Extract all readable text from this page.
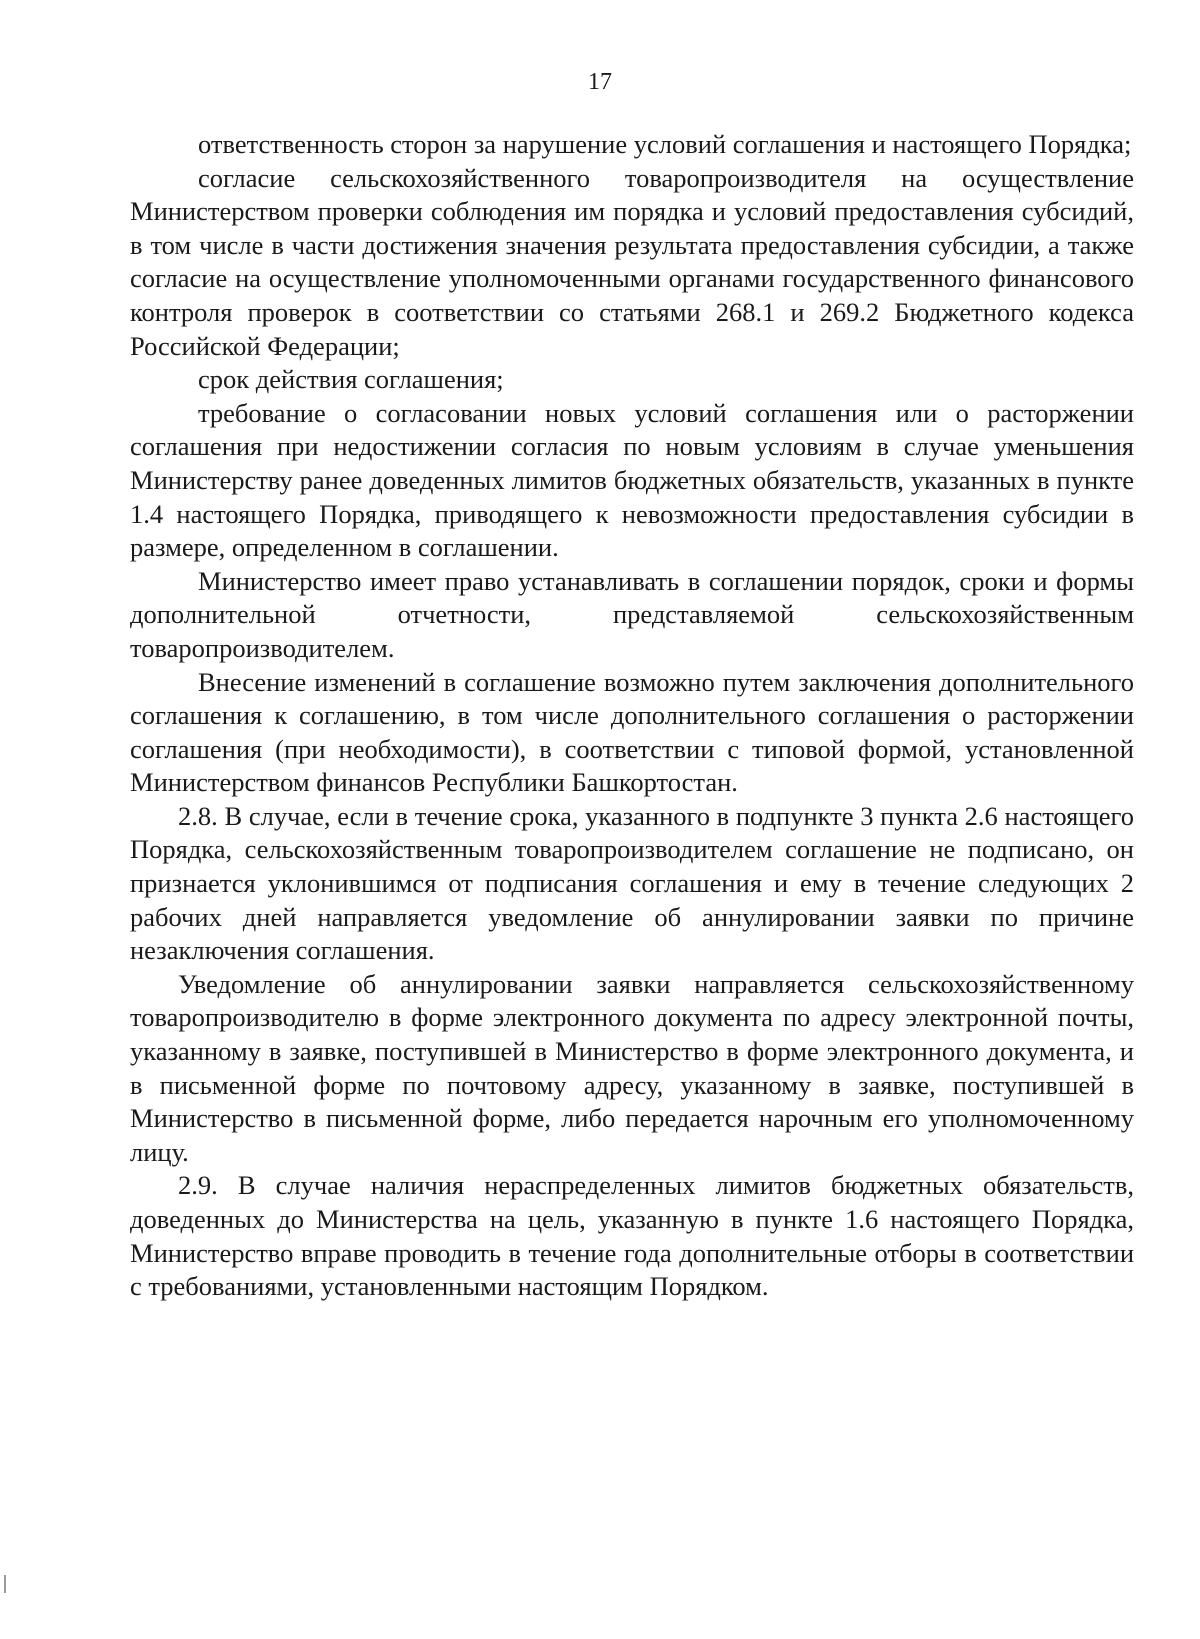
17

ответственность сторон за нарушение условий соглашения и настоящего Порядка;

согласие сельскохозяйственного товаропроизводителя на осуществление Министерством проверки соблюдения им порядка и условий предоставления субсидий, в том числе в части достижения значения результата предоставления субсидии, а также согласие на осуществление уполномоченными органами государственного финансового контроля проверок в соответствии со статьями 268.1 и 269.2 Бюджетного кодекса Российской Федерации;

срок действия соглашения;

требование о согласовании новых условий соглашения или о расторжении соглашения при недостижении согласия по новым условиям в случае уменьшения Министерству ранее доведенных лимитов бюджетных обязательств, указанных в пункте 1.4 настоящего Порядка, приводящего к невозможности предоставления субсидии в размере, определенном в соглашении.

Министерство имеет право устанавливать в соглашении порядок, сроки и формы дополнительной отчетности, представляемой сельскохозяйственным товаропроизводителем.

Внесение изменений в соглашение возможно путем заключения дополнительного соглашения к соглашению, в том числе дополнительного соглашения о расторжении соглашения (при необходимости), в соответствии с типовой формой, установленной Министерством финансов Республики Башкортостан.

2.8. В случае, если в течение срока, указанного в подпункте 3 пункта 2.6 настоящего Порядка, сельскохозяйственным товаропроизводителем соглашение не подписано, он признается уклонившимся от подписания соглашения и ему в течение следующих 2 рабочих дней направляется уведомление об аннулировании заявки по причине незаключения соглашения.

Уведомление об аннулировании заявки направляется сельскохозяйственному товаропроизводителю в форме электронного документа по адресу электронной почты, указанному в заявке, поступившей в Министерство в форме электронного документа, и в письменной форме по почтовому адресу, указанному в заявке, поступившей в Министерство в письменной форме, либо передается нарочным его уполномоченному лицу.

2.9. В случае наличия нераспределенных лимитов бюджетных обязательств, доведенных до Министерства на цель, указанную в пункте 1.6 настоящего Порядка, Министерство вправе проводить в течение года дополнительные отборы в соответствии с требованиями, установленными настоящим Порядком.
